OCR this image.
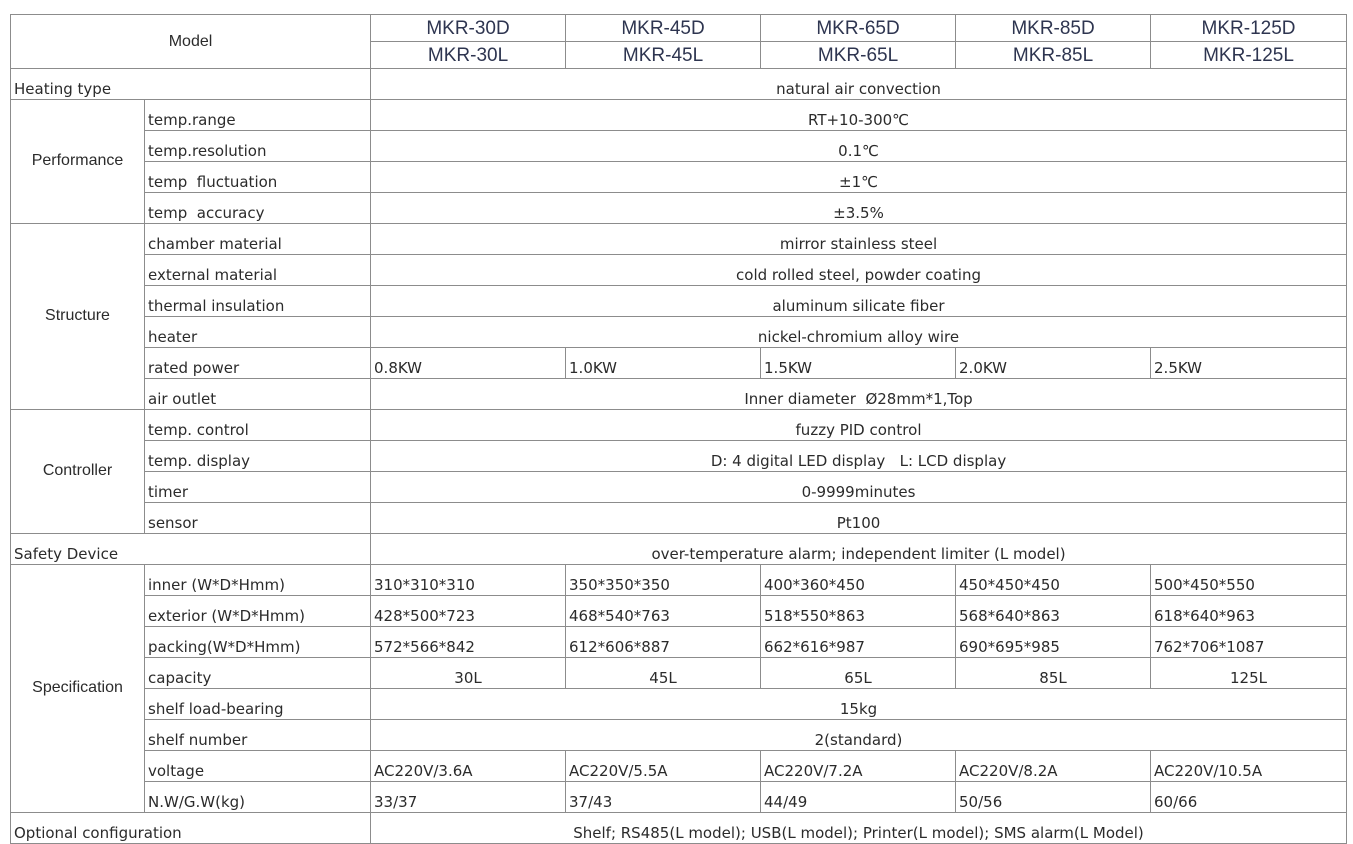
Model		MKR-30D	MKR-45D	MKR-65D	MKR-85D	MKR-125D
		MKR-30L	MKR-45L	MKR-65L	MKR-85L	MKR-125L
Heating type		natural air convection				
Performance	temp.range	RT+10-300℃				
	temp.resolution	0.1℃				
	temp  fluctuation	±1℃				
	temp  accuracy	±3.5%				
Structure	chamber material	mirror stainless steel				
	external material	cold rolled steel, powder coating				
	thermal insulation	aluminum silicate fiber				
	heater	nickel-chromium alloy wire				
	rated power	0.8KW	1.0KW	1.5KW	2.0KW	2.5KW
	air outlet	Inner diameter  Ø28mm*1,Top				
Controller	temp. control	fuzzy PID control				
	temp. display	D: 4 digital LED display   L: LCD display				
	timer	0-9999minutes				
	sensor	Pt100				
Safety Device		over-temperature alarm; independent limiter (L model)				
Specification	inner (W*D*Hmm)	310*310*310	350*350*350	400*360*450	450*450*450	500*450*550
	exterior (W*D*Hmm)	428*500*723	468*540*763	518*550*863	568*640*863	618*640*963
	packing(W*D*Hmm)	572*566*842	612*606*887	662*616*987	690*695*985	762*706*1087
	capacity	30L	45L	65L	85L	125L
	shelf load-bearing	15kg				
	shelf number	2(standard)				
	voltage	AC220V/3.6A	AC220V/5.5A	AC220V/7.2A	AC220V/8.2A	AC220V/10.5A
	N.W/G.W(kg)	33/37	37/43	44/49	50/56	60/66
Optional configuration		Shelf; RS485(L model); USB(L model); Printer(L model); SMS alarm(L Model)				
